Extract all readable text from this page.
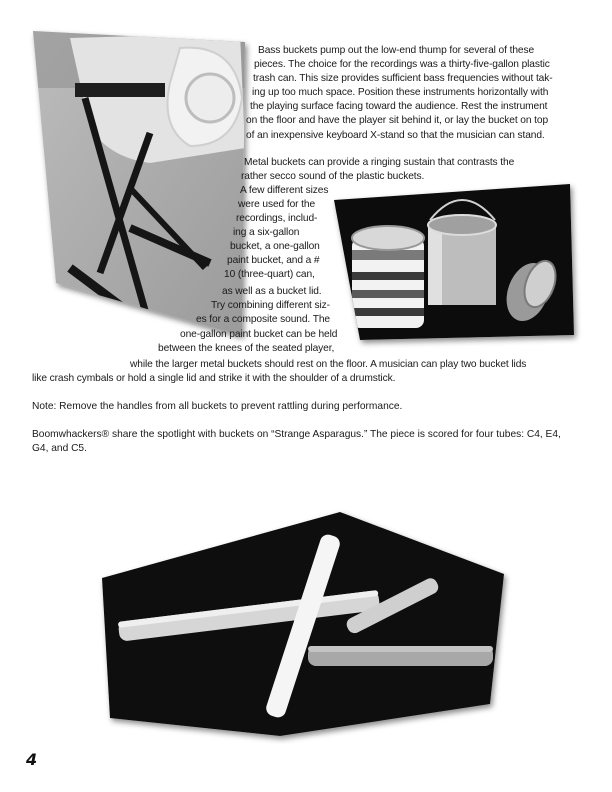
Bass buckets pump out the low-end thump for several of these
pieces. The choice for the recordings was a thirty-five-gallon plastic
trash can. This size provides sufficient bass frequencies without tak-
ing up too much space. Position these instruments horizontally with
the playing surface facing toward the audience. Rest the instrument
on the floor and have the player sit behind it, or lay the bucket on top
of an inexpensive keyboard X-stand so that the musician can stand.
Metal buckets can provide a ringing sustain that contrasts the
rather secco sound of the plastic buckets.
A few different sizes
were used for the
recordings, includ-
ing a six-gallon
bucket, a one-gallon
paint bucket, and a #
10 (three-quart) can,
as well as a bucket lid.
Try combining different siz-
es for a composite sound. The
one-gallon paint bucket can be held
between the knees of the seated player,
while the larger metal buckets should rest on the floor. A musician can play two bucket lids
like crash cymbals or hold a single lid and strike it with the shoulder of a drumstick.
Note: Remove the handles from all buckets to prevent rattling during performance.
Boomwhackers® share the spotlight with buckets on “Strange Asparagus.” The piece is scored for four tubes: C4, E4, G4, and C5.
4
